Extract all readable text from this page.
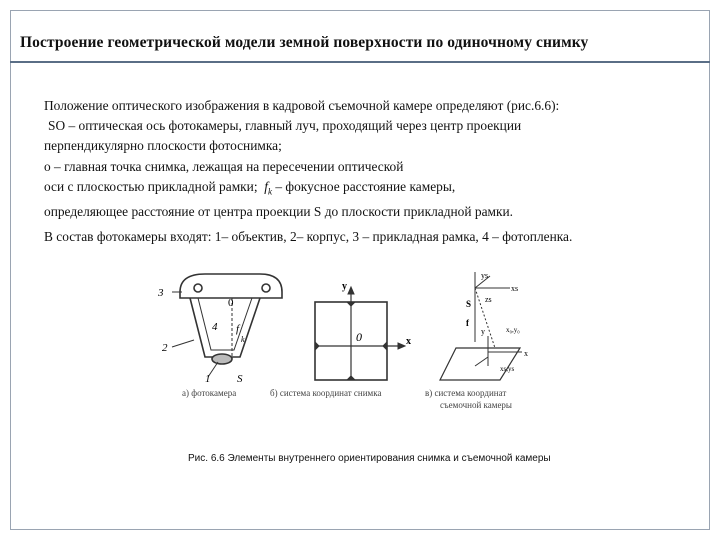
Построение геометрической модели земной поверхности по одиночному снимку
Положение оптического изображения в кадровой съемочной камере определяют (рис.6.6):
SO – оптическая ось фотокамеры, главный луч, проходящий через центр проекции
перпендикулярно плоскости фотоснимка;
о – главная точка снимка, лежащая на пересечении оптической
оси с плоскостью прикладной рамки; $f_k$ – фокусное расстояние камеры,
определяющее расстояние от центра проекции S до плоскости прикладной рамки.
В состав фотокамеры входят: 1– объектив, 2– корпус, 3 – прикладная рамка, 4 – фотопленка.
3
2
1
0
4 f
k
S
а) фотокамера
y
x
0
б) система координат снимка
ys
xs
zs
S
f
y
x
x₀,y₀
xs,ys
в) система координат
съемочной камеры
Рис. 6.6 Элементы внутреннего ориентирования снимка и съемочной камеры
